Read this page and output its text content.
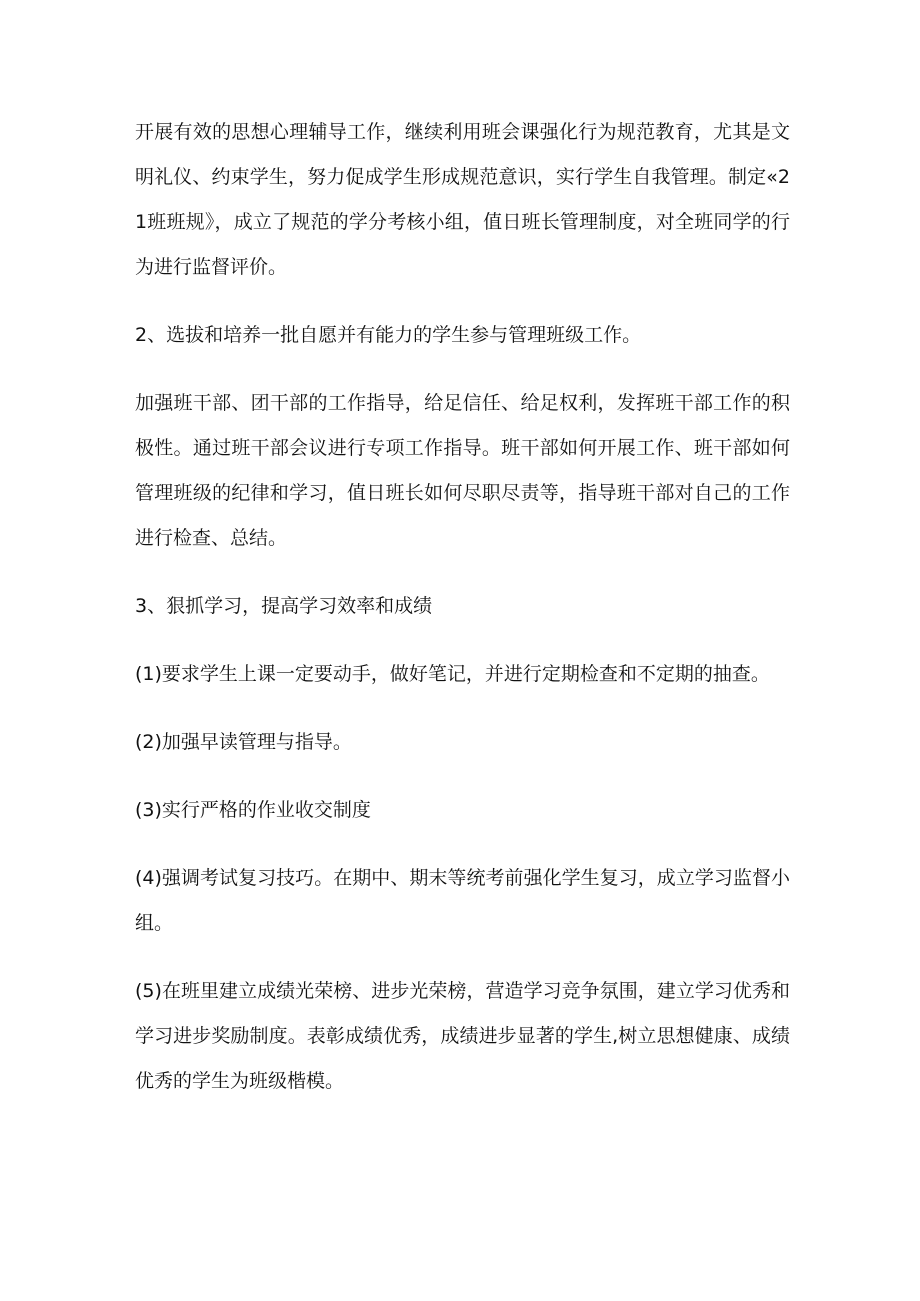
开展有效的思想心理辅导工作，继续利用班会课强化行为规范教育，尤其是文明礼仪、约束学生，努力促成学生形成规范意识，实行学生自我管理。制定«21班班规》，成立了规范的学分考核小组，值日班长管理制度，对全班同学的行为进行监督评价。

2、选拔和培养一批自愿并有能力的学生参与管理班级工作。

加强班干部、团干部的工作指导，给足信任、给足权利，发挥班干部工作的积极性。通过班干部会议进行专项工作指导。班干部如何开展工作、班干部如何管理班级的纪律和学习，值日班长如何尽职尽责等，指导班干部对自己的工作进行检查、总结。

3、狠抓学习，提高学习效率和成绩

(1)要求学生上课一定要动手，做好笔记，并进行定期检查和不定期的抽查。

(2)加强早读管理与指导。

(3)实行严格的作业收交制度

(4)强调考试复习技巧。在期中、期末等统考前强化学生复习，成立学习监督小组。

(5)在班里建立成绩光荣榜、进步光荣榜，营造学习竞争氛围，建立学习优秀和学习进步奖励制度。表彰成绩优秀，成绩进步显著的学生,树立思想健康、成绩优秀的学生为班级楷模。
